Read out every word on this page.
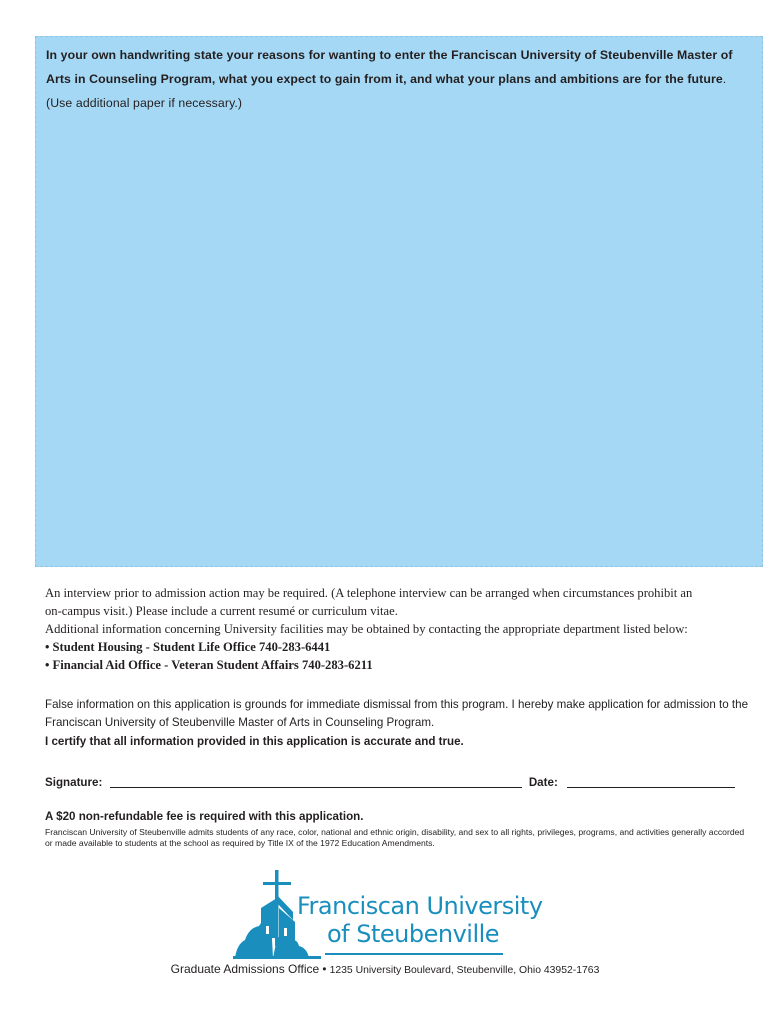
In your own handwriting state your reasons for wanting to enter the Franciscan University of Steubenville Master of Arts in Counseling Program, what you expect to gain from it, and what your plans and ambitions are for the future. (Use additional paper if necessary.)
An interview prior to admission action may be required. (A telephone interview can be arranged when circumstances prohibit an
on-campus visit.) Please include a current resumé or curriculum vitae.
Additional information concerning University facilities may be obtained by contacting the appropriate department listed below:
• Student Housing - Student Life Office 740-283-6441
• Financial Aid Office - Veteran Student Affairs 740-283-6211
False information on this application is grounds for immediate dismissal from this program. I hereby make application for admission to the Franciscan University of Steubenville Master of Arts in Counseling Program.
I certify that all information provided in this application is accurate and true.
Signature:	Date:
A $20 non-refundable fee is required with this application.
Franciscan University of Steubenville admits students of any race, color, national and ethnic origin, disability, and sex to all rights, privileges, programs, and activities generally accorded or made available to students at the school as required by Title IX of the 1972 Education Amendments.
Franciscan University
of Steubenville
Graduate Admissions Office • 1235 University Boulevard, Steubenville, Ohio 43952-1763
